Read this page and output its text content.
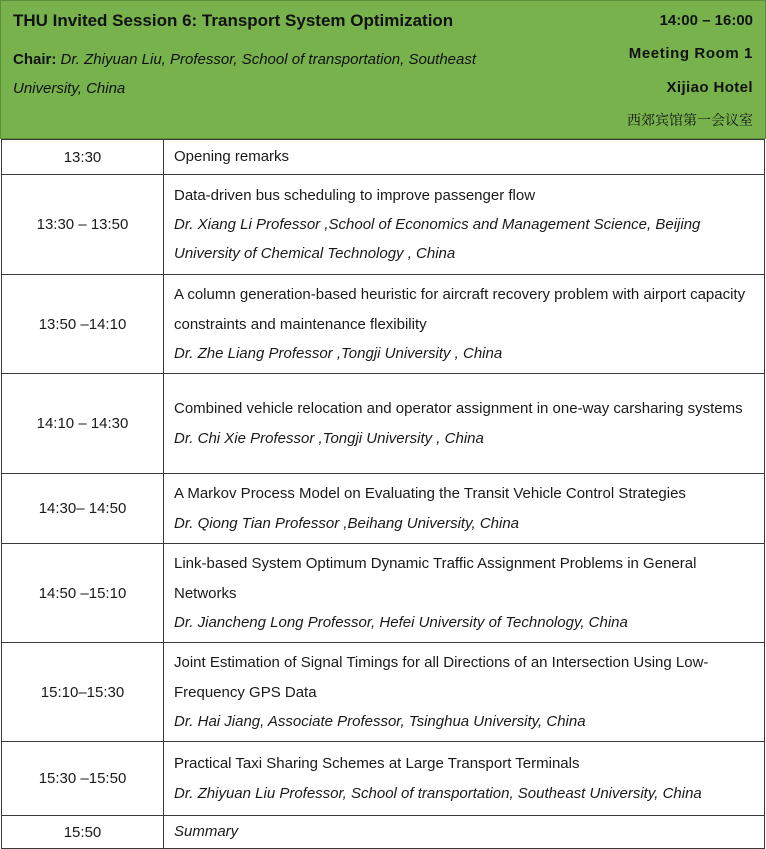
THU Invited Session 6: Transport System Optimization
Chair: Dr. Zhiyuan Liu, Professor, School of transportation, Southeast University, China
14:00 – 16:00
Meeting Room 1
Xijiao Hotel
西郊宾馆第一会议室
13:30	Opening remarks

13:30 – 13:50	Data-driven bus scheduling to improve passenger flow
Dr. Xiang Li Professor ,School of Economics and Management Science, Beijing University of Chemical Technology , China

13:50 –14:10	A column generation-based heuristic for aircraft recovery problem with airport capacity constraints and maintenance flexibility
Dr. Zhe Liang Professor ,Tongji University , China

14:10 – 14:30	Combined vehicle relocation and operator assignment in one-way carsharing systems
Dr. Chi Xie Professor ,Tongji University , China

14:30– 14:50	A Markov Process Model on Evaluating the Transit Vehicle Control Strategies
Dr. Qiong Tian Professor ,Beihang University, China

14:50 –15:10	Link-based System Optimum Dynamic Traffic Assignment Problems in General Networks
Dr. Jiancheng Long Professor, Hefei University of Technology, China

15:10–15:30	Joint Estimation of Signal Timings for all Directions of an Intersection Using Low-Frequency GPS Data
Dr. Hai Jiang, Associate Professor, Tsinghua University, China

15:30 –15:50	Practical Taxi Sharing Schemes at Large Transport Terminals
Dr. Zhiyuan Liu Professor, School of transportation, Southeast University, China

15:50	Summary
